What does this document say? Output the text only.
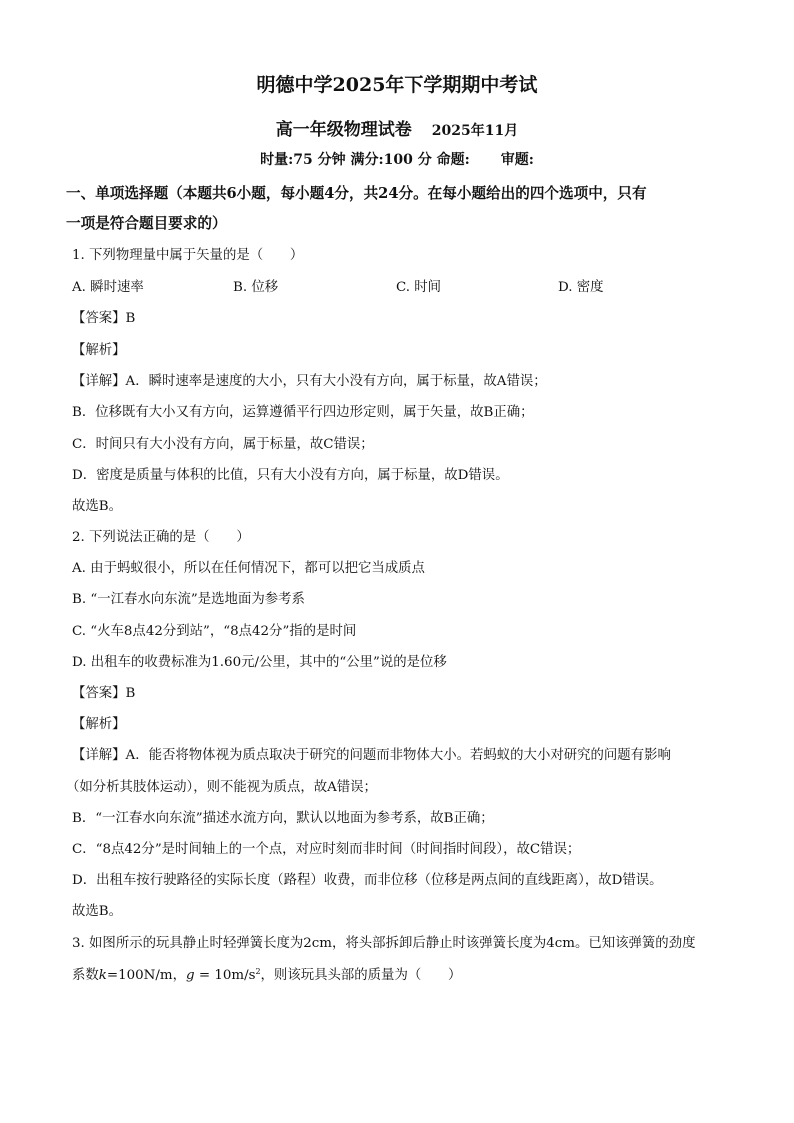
明德中学2025年下学期期中考试
高一年级物理试卷 2025年11月
时量:75 分钟 满分:100 分 命题: 审题:
一、单项选择题（本题共6小题，每小题4分，共24分。在每小题给出的四个选项中，只有
一项是符合题目要求的）
1. 下列物理量中属于矢量的是（　　）
A. 瞬时速率	B. 位移	C. 时间	D. 密度
【答案】B
【解析】
【详解】A．瞬时速率是速度的大小，只有大小没有方向，属于标量，故A错误；
B．位移既有大小又有方向，运算遵循平行四边形定则，属于矢量，故B正确；
C．时间只有大小没有方向，属于标量，故C错误；
D．密度是质量与体积的比值，只有大小没有方向，属于标量，故D错误。
故选B。
2. 下列说法正确的是（　　）
A. 由于蚂蚁很小，所以在任何情况下，都可以把它当成质点
B. “一江春水向东流”是选地面为参考系
C. “火车8点42分到站”，“8点42分”指的是时间
D. 出租车的收费标准为1.60元/公里，其中的“公里”说的是位移
【答案】B
【解析】
【详解】A．能否将物体视为质点取决于研究的问题而非物体大小。若蚂蚁的大小对研究的问题有影响
（如分析其肢体运动），则不能视为质点，故A错误；
B．“一江春水向东流”描述水流方向，默认以地面为参考系，故B正确；
C．“8点42分”是时间轴上的一个点，对应时刻而非时间（时间指时间段），故C错误；
D．出租车按行驶路径的实际长度（路程）收费，而非位移（位移是两点间的直线距离），故D错误。
故选B。
3. 如图所示的玩具静止时轻弹簧长度为2cm，将头部拆卸后静止时该弹簧长度为4cm。已知该弹簧的劲度
系数k=100N/m，$g = 10m/s^2$，则该玩具头部的质量为（　　）
